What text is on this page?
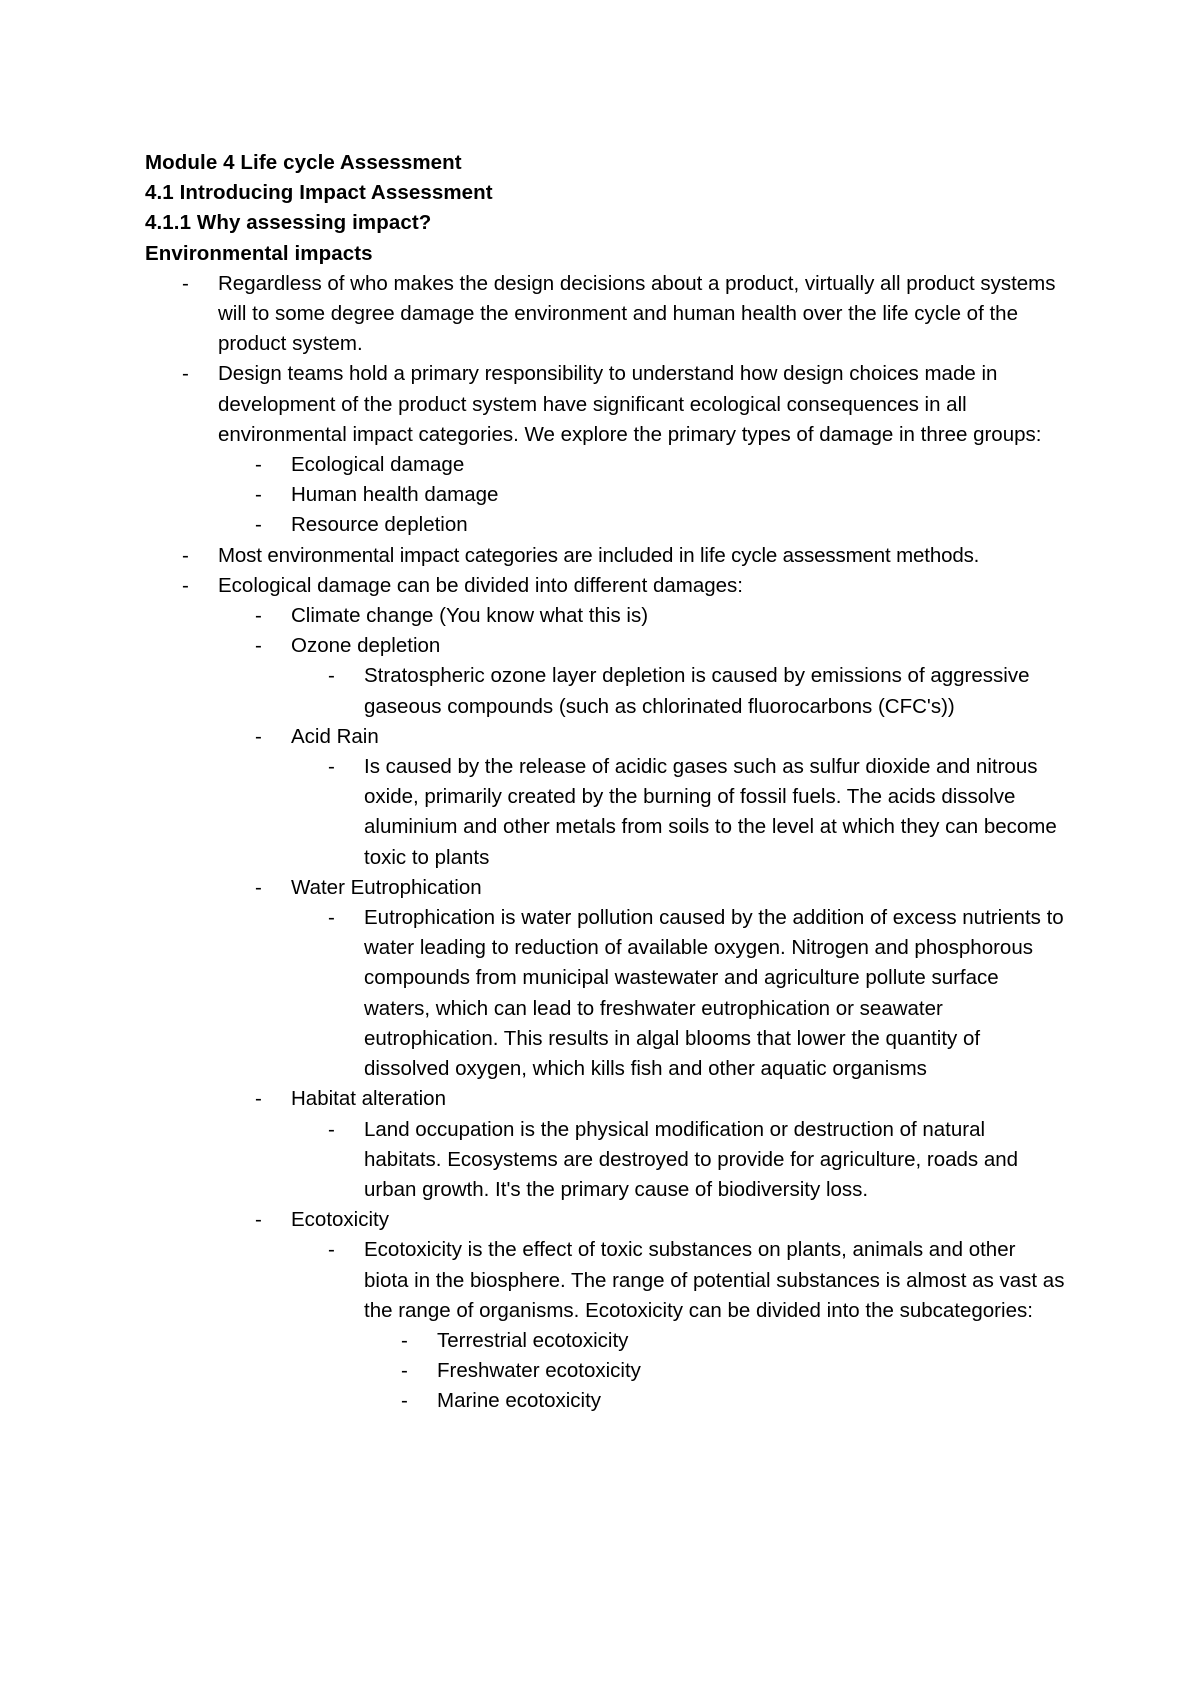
Module 4 Life cycle Assessment
4.1 Introducing Impact Assessment
4.1.1 Why assessing impact?
Environmental impacts
- Regardless of who makes the design decisions about a product, virtually all product systems will to some degree damage the environment and human health over the life cycle of the product system.
- Design teams hold a primary responsibility to understand how design choices made in development of the product system have significant ecological consequences in all environmental impact categories. We explore the primary types of damage in three groups:
- Ecological damage
- Human health damage
- Resource depletion
- Most environmental impact categories are included in life cycle assessment methods.
- Ecological damage can be divided into different damages:
- Climate change (You know what this is)
- Ozone depletion
- Stratospheric ozone layer depletion is caused by emissions of aggressive gaseous compounds (such as chlorinated fluorocarbons (CFC's))
- Acid Rain
- Is caused by the release of acidic gases such as sulfur dioxide and nitrous oxide, primarily created by the burning of fossil fuels. The acids dissolve aluminium and other metals from soils to the level at which they can become toxic to plants
- Water Eutrophication
- Eutrophication is water pollution caused by the addition of excess nutrients to water leading to reduction of available oxygen. Nitrogen and phosphorous compounds from municipal wastewater and agriculture pollute surface waters, which can lead to freshwater eutrophication or seawater eutrophication. This results in algal blooms that lower the quantity of dissolved oxygen, which kills fish and other aquatic organisms
- Habitat alteration
- Land occupation is the physical modification or destruction of natural habitats. Ecosystems are destroyed to provide for agriculture, roads and urban growth. It's the primary cause of biodiversity loss.
- Ecotoxicity
- Ecotoxicity is the effect of toxic substances on plants, animals and other biota in the biosphere. The range of potential substances is almost as vast as the range of organisms. Ecotoxicity can be divided into the subcategories:
- Terrestrial ecotoxicity
- Freshwater ecotoxicity
- Marine ecotoxicity
